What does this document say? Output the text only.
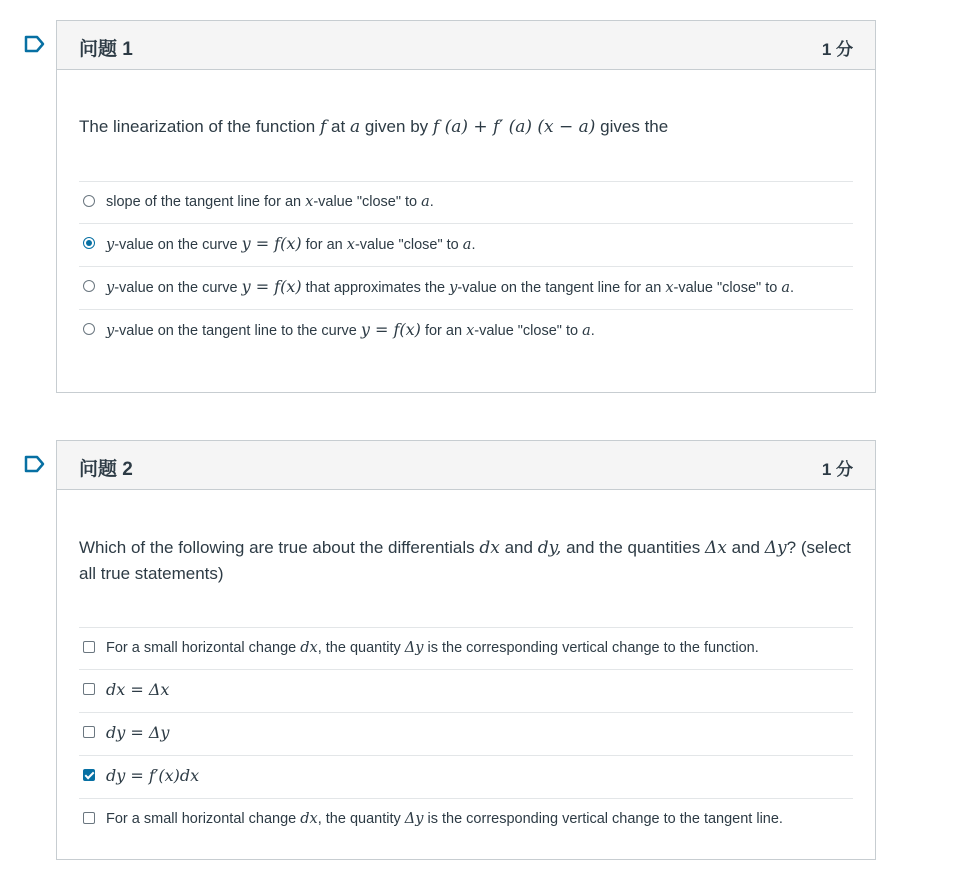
问题 1	1 分
The linearization of the function f at a given by f (a) + f′ (a) (x − a) gives the
slope of the tangent line for an x-value "close" to a.
y-value on the curve y = f(x) for an x-value "close" to a.
y-value on the curve y = f(x) that approximates the y-value on the tangent line for an x-value "close" to a.
y-value on the tangent line to the curve y = f(x) for an x-value "close" to a.
问题 2	1 分
Which of the following are true about the differentials dx and dy, and the quantities Δx and Δy? (select all true statements)
For a small horizontal change dx, the quantity Δy is the corresponding vertical change to the function.
dx = Δx
dy = Δy
dy = f′(x)dx
For a small horizontal change dx, the quantity Δy is the corresponding vertical change to the tangent line.
